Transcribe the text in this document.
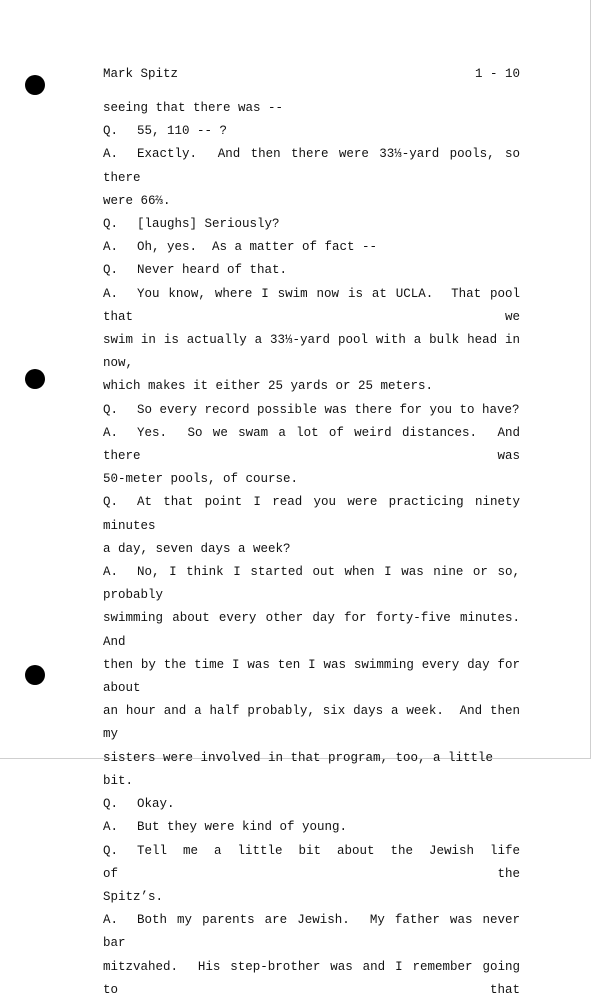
Mark Spitz	1 - 10

seeing that there was --

Q. 55, 110 -- ?

A. Exactly.  And then there were 33⅓-yard pools, so there

were 66⅔.

Q. [laughs] Seriously?

A. Oh, yes.  As a matter of fact --

Q. Never heard of that.

A. You know, where I swim now is at UCLA.  That pool that we

swim in is actually a 33⅓-yard pool with a bulk head in now,

which makes it either 25 yards or 25 meters.

Q. So every record possible was there for you to have?

A. Yes.  So we swam a lot of weird distances.  And there was

50-meter pools, of course.

Q. At that point I read you were practicing ninety minutes

a day, seven days a week?

A. No, I think I started out when I was nine or so, probably

swimming about every other day for forty-five minutes.  And

then by the time I was ten I was swimming every day for about

an hour and a half probably, six days a week.  And then my

sisters were involved in that program, too, a little bit.

Q. Okay.

A. But they were kind of young.

Q. Tell  me  a  little  bit  about  the  Jewish  life  of  the

Spitz’s.

A. Both my parents are Jewish.  My father was never bar

mitzvahed.  His step-brother was and I remember going to that
